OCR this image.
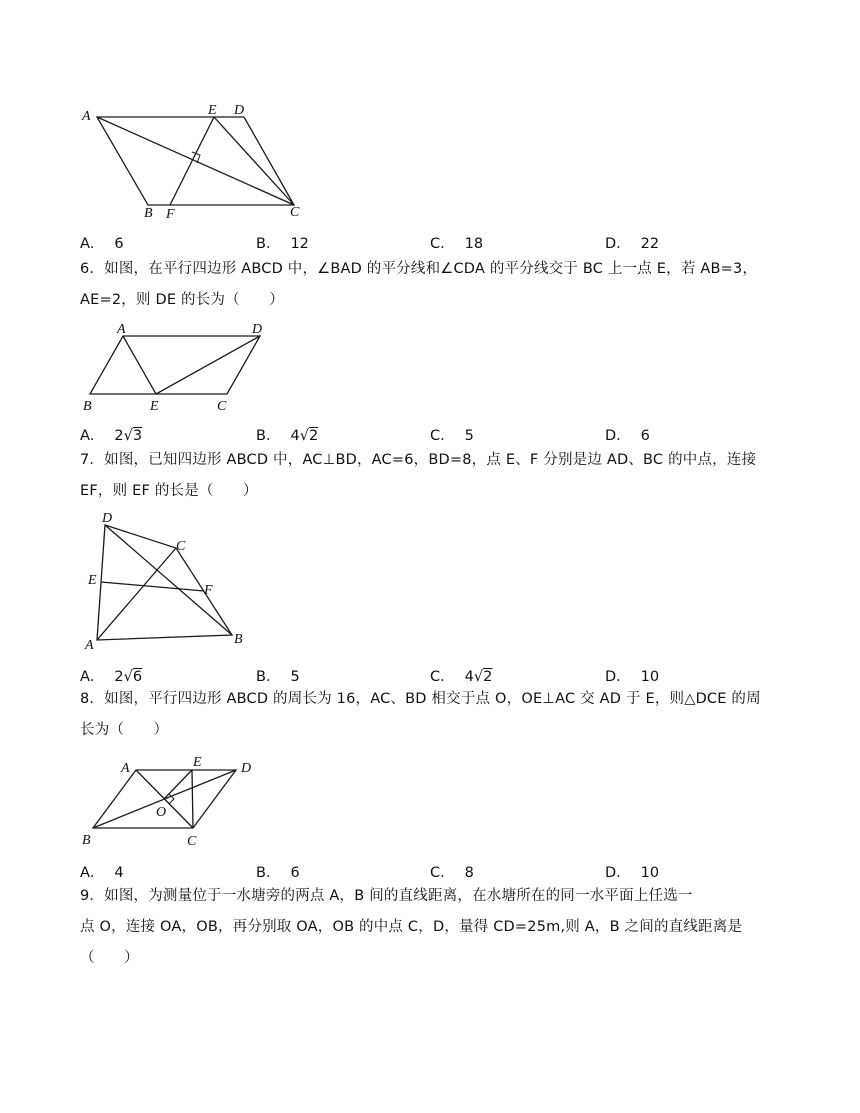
A	E D
B F	C
A． 6	B． 12	C． 18	D． 22
6．如图，在平行四边形 ABCD 中，∠BAD 的平分线和∠CDA 的平分线交于 BC 上一点 E，若 AB=3，
AE=2，则 DE 的长为（　　）
A	D
B	E	C
A． 2√3	B． 4√2	C． 5	D． 6
7．如图，已知四边形 ABCD 中，AC⊥BD，AC=6，BD=8，点 E、F 分别是边 AD、BC 的中点，连接
EF，则 EF 的长是（　　）
D
C
E
F
A	B
A． 2√6	B． 5	C． 4√2	D． 10
8．如图，平行四边形 ABCD 的周长为 16，AC、BD 相交于点 O，OE⊥AC 交 AD 于 E，则△DCE 的周
长为（　　）
A	E	D
O
B	C
A． 4	B． 6	C． 8	D． 10
9．如图，为测量位于一水塘旁的两点 A，B 间的直线距离，在水塘所在的同一水平面上任选一
点 O，连接 OA，OB，再分别取 OA，OB 的中点 C，D，量得 CD=25m,则 A，B 之间的直线距离是
（　　）
